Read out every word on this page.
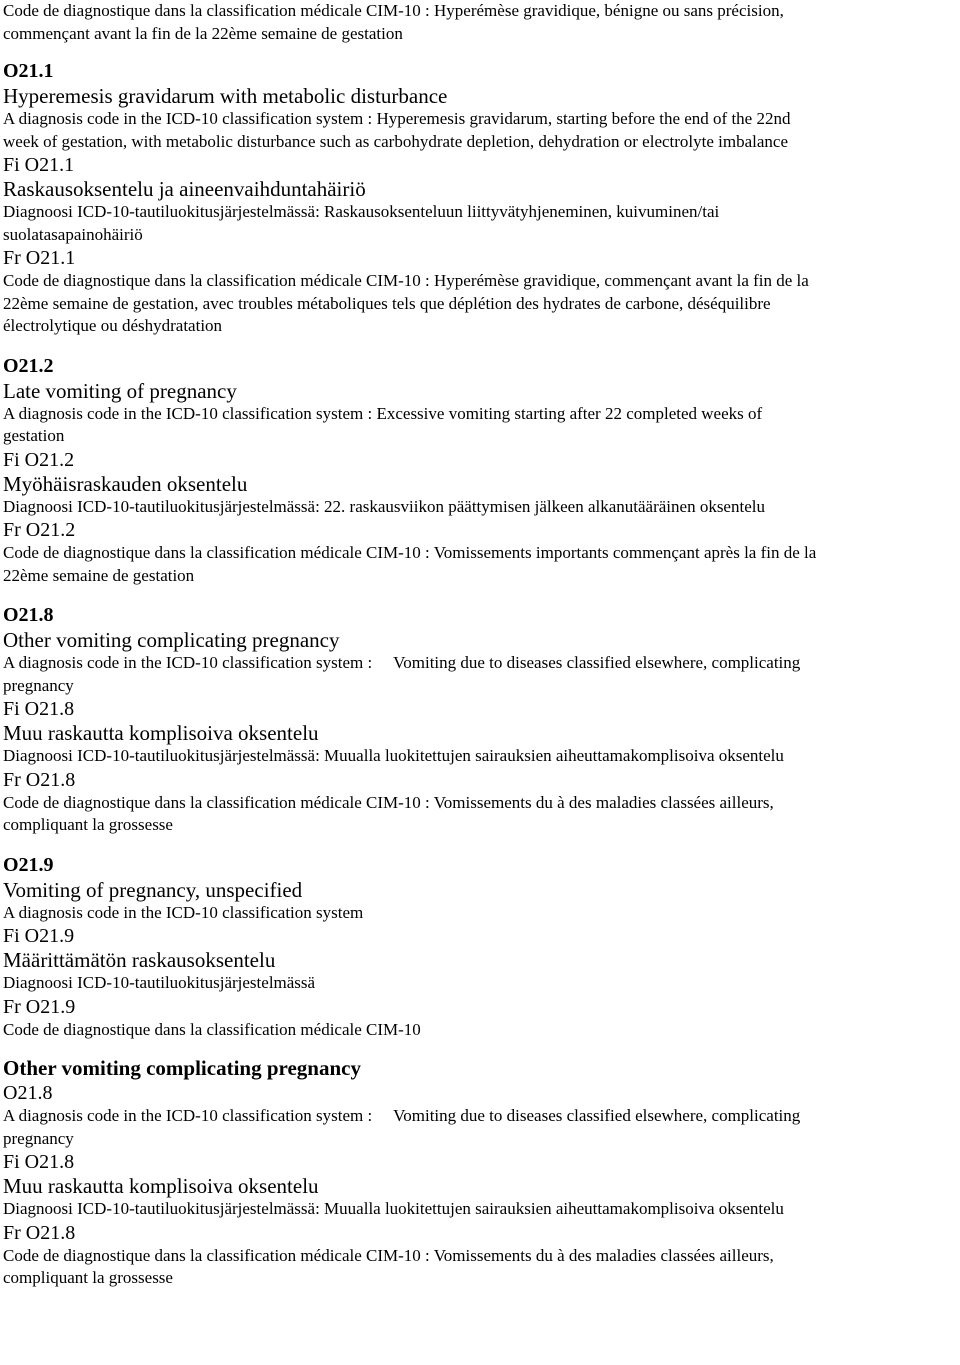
Code de diagnostique dans la classification médicale CIM-10 : Hyperémèse gravidique, bénigne ou sans précision,
commençant avant la fin de la 22ème semaine de gestation
O21.1
Hyperemesis gravidarum with metabolic disturbance
A diagnosis code in the ICD-10 classification system : Hyperemesis gravidarum, starting before the end of the 22nd
week of gestation, with metabolic disturbance such as carbohydrate depletion, dehydration or electrolyte imbalance
Fi O21.1
Raskausoksentelu ja aineenvaihduntahäiriö
Diagnoosi ICD-10-tautiluokitusjärjestelmässä: Raskausoksenteluun liittyvätyhjeneminen, kuivuminen/tai
suolatasapainohäiriö
Fr O21.1
Code de diagnostique dans la classification médicale CIM-10 : Hyperémèse gravidique, commençant avant la fin de la
22ème semaine de gestation, avec troubles métaboliques tels que déplétion des hydrates de carbone, déséquilibre
électrolytique ou déshydratation
O21.2
Late vomiting of pregnancy
A diagnosis code in the ICD-10 classification system : Excessive vomiting starting after 22 completed weeks of
gestation
Fi O21.2
Myöhäisraskauden oksentelu
Diagnoosi ICD-10-tautiluokitusjärjestelmässä: 22. raskausviikon päättymisen jälkeen alkanutääräinen oksentelu
Fr O21.2
Code de diagnostique dans la classification médicale CIM-10 : Vomissements importants commençant après la fin de la
22ème semaine de gestation
O21.8
Other vomiting complicating pregnancy
A diagnosis code in the ICD-10 classification system :     Vomiting due to diseases classified elsewhere, complicating
pregnancy
Fi O21.8
Muu raskautta komplisoiva oksentelu
Diagnoosi ICD-10-tautiluokitusjärjestelmässä: Muualla luokitettujen sairauksien aiheuttamakomplisoiva oksentelu
Fr O21.8
Code de diagnostique dans la classification médicale CIM-10 : Vomissements du à des maladies classées ailleurs,
compliquant la grossesse
O21.9
Vomiting of pregnancy, unspecified
A diagnosis code in the ICD-10 classification system
Fi O21.9
Määrittämätön raskausoksentelu
Diagnoosi ICD-10-tautiluokitusjärjestelmässä
Fr O21.9
Code de diagnostique dans la classification médicale CIM-10
Other vomiting complicating pregnancy
O21.8
A diagnosis code in the ICD-10 classification system :     Vomiting due to diseases classified elsewhere, complicating
pregnancy
Fi O21.8
Muu raskautta komplisoiva oksentelu
Diagnoosi ICD-10-tautiluokitusjärjestelmässä: Muualla luokitettujen sairauksien aiheuttamakomplisoiva oksentelu
Fr O21.8
Code de diagnostique dans la classification médicale CIM-10 : Vomissements du à des maladies classées ailleurs,
compliquant la grossesse
